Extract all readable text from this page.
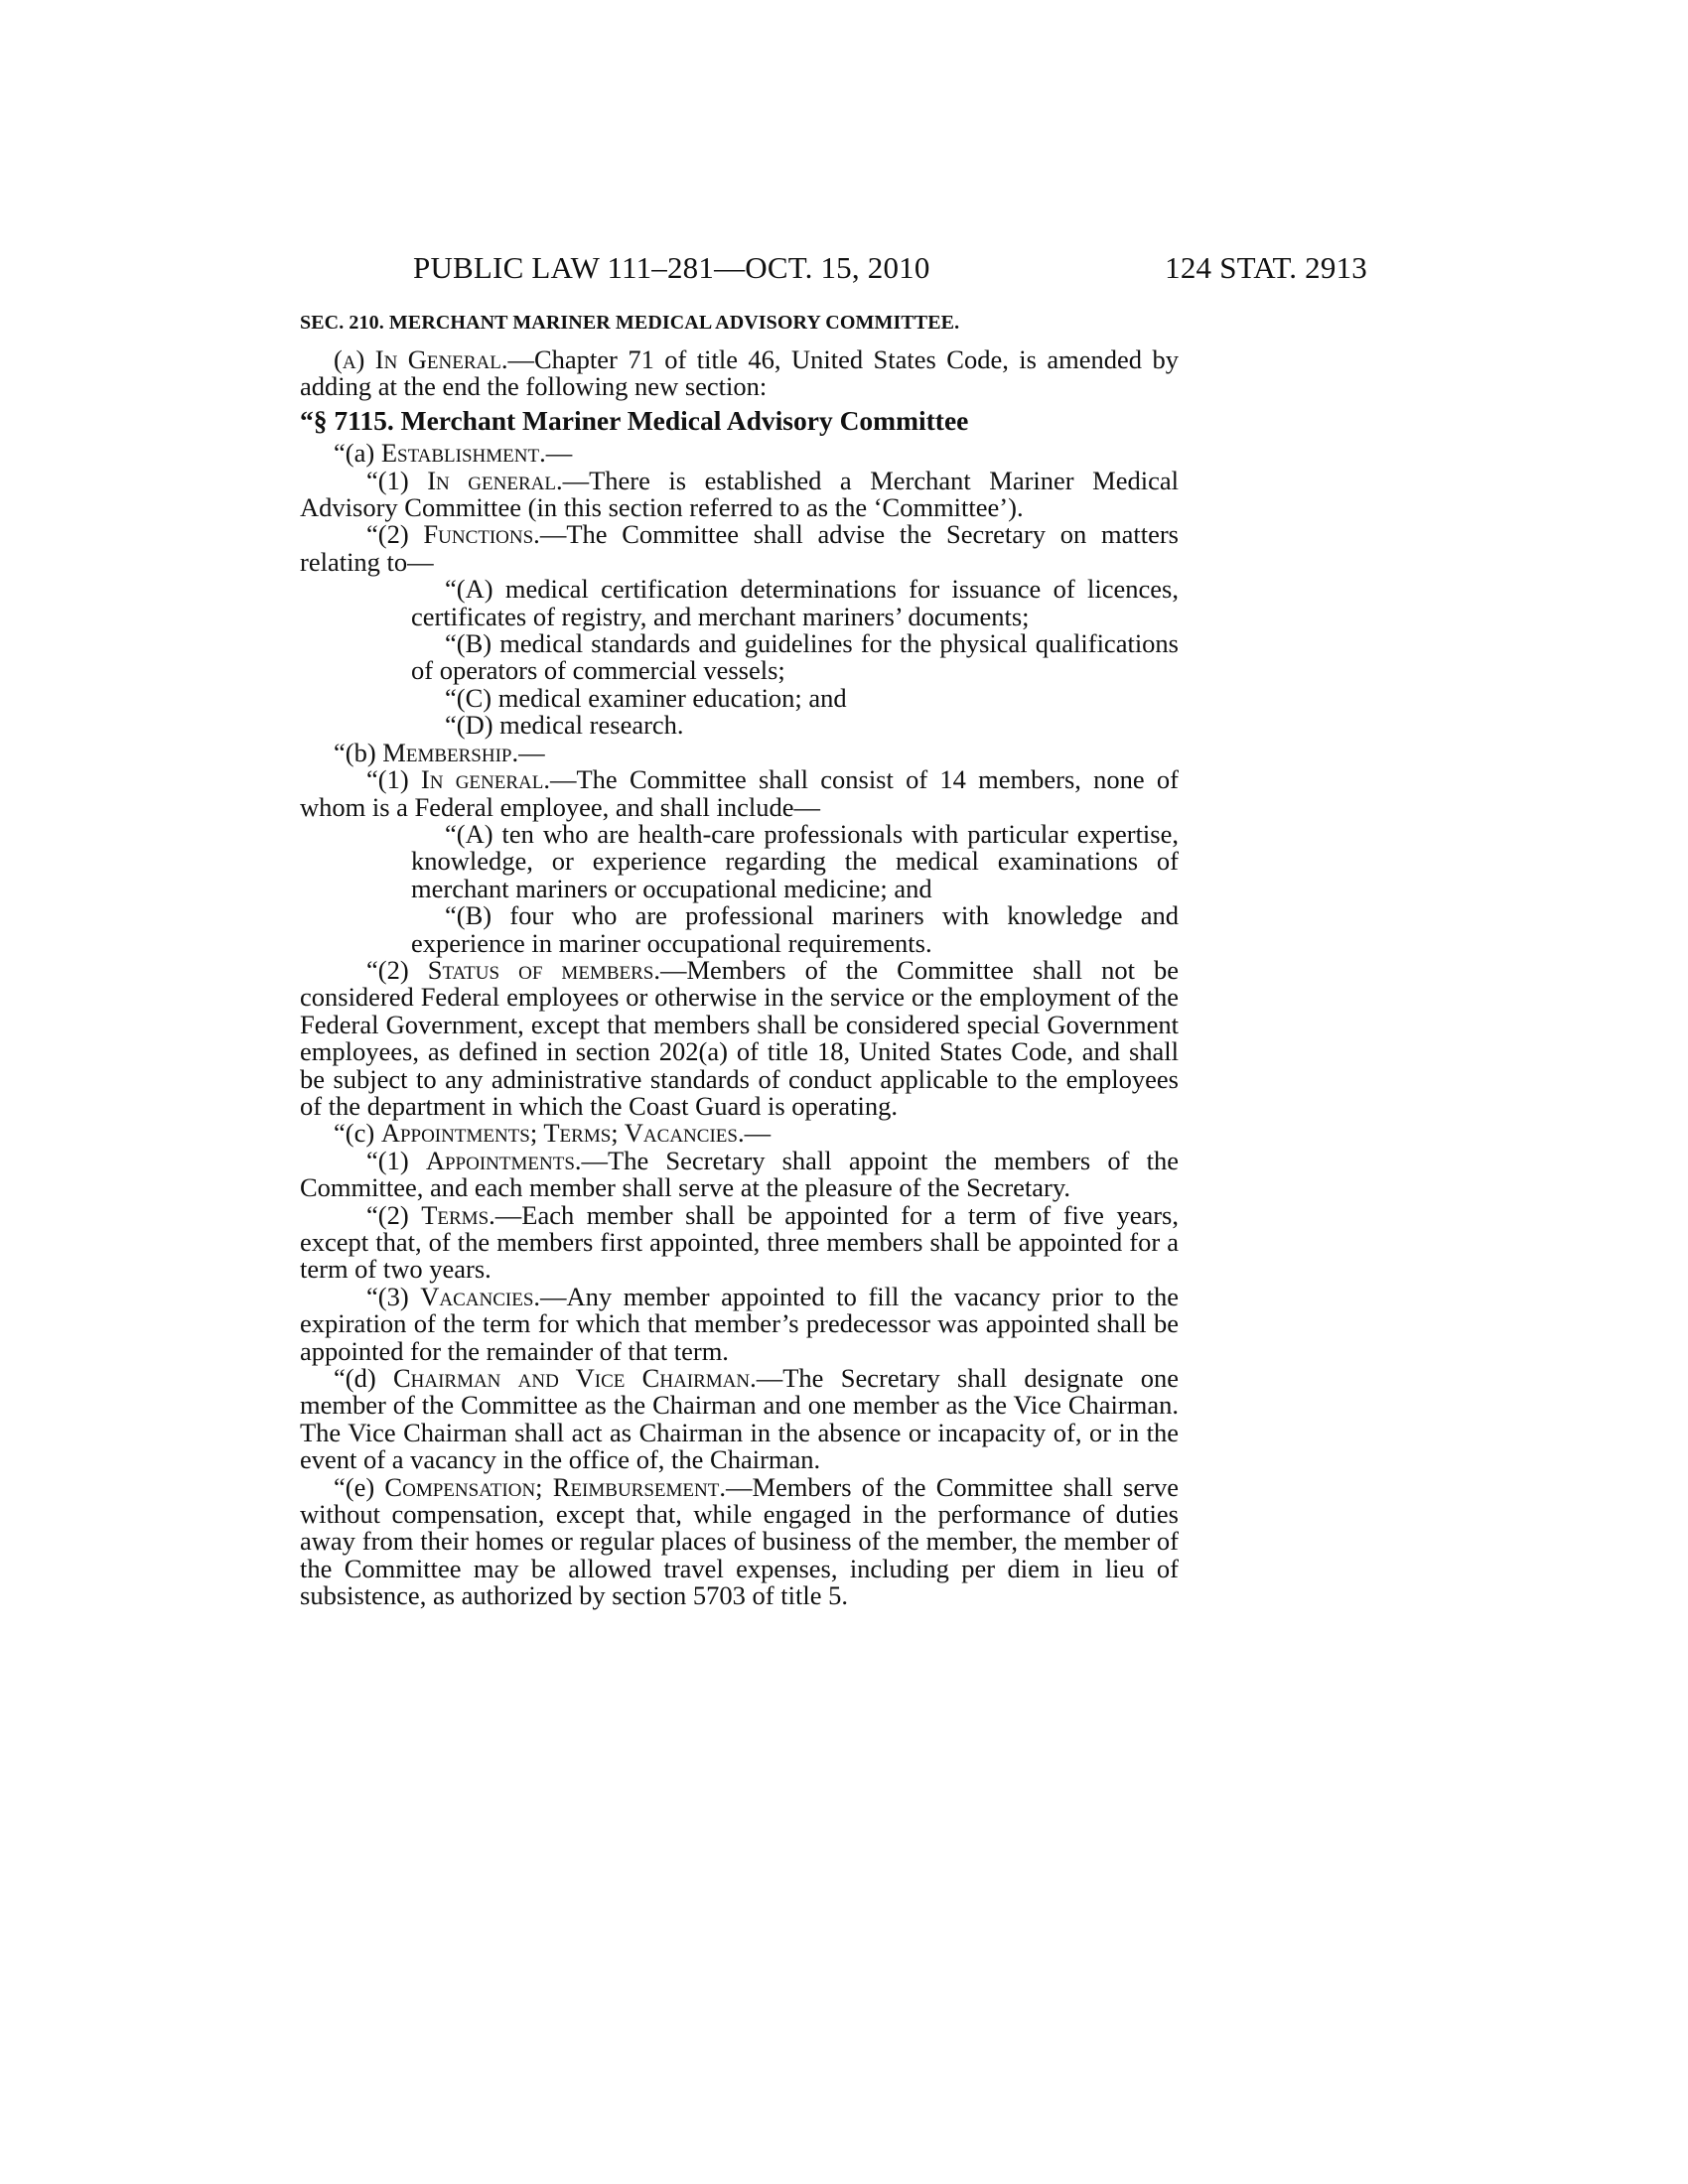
PUBLIC LAW 111–281—OCT. 15, 2010	124 STAT. 2913
SEC. 210. MERCHANT MARINER MEDICAL ADVISORY COMMITTEE.

(a) In General.—Chapter 71 of title 46, United States Code, is amended by adding at the end the following new section:

“§ 7115. Merchant Mariner Medical Advisory Committee

“(a) Establishment.—

“(1) In general.—There is established a Merchant Mariner Medical Advisory Committee (in this section referred to as the ‘Committee’).

“(2) Functions.—The Committee shall advise the Secretary on matters relating to—

“(A) medical certification determinations for issuance of licences, certificates of registry, and merchant mariners’ documents;

“(B) medical standards and guidelines for the physical qualifications of operators of commercial vessels;

“(C) medical examiner education; and

“(D) medical research.

“(b) Membership.—

“(1) In general.—The Committee shall consist of 14 members, none of whom is a Federal employee, and shall include—

“(A) ten who are health-care professionals with particular expertise, knowledge, or experience regarding the medical examinations of merchant mariners or occupational medicine; and

“(B) four who are professional mariners with knowledge and experience in mariner occupational requirements.

“(2) Status of members.—Members of the Committee shall not be considered Federal employees or otherwise in the service or the employment of the Federal Government, except that members shall be considered special Government employees, as defined in section 202(a) of title 18, United States Code, and shall be subject to any administrative standards of conduct applicable to the employees of the department in which the Coast Guard is operating.

“(c) Appointments; Terms; Vacancies.—

“(1) Appointments.—The Secretary shall appoint the members of the Committee, and each member shall serve at the pleasure of the Secretary.

“(2) Terms.—Each member shall be appointed for a term of five years, except that, of the members first appointed, three members shall be appointed for a term of two years.

“(3) Vacancies.—Any member appointed to fill the vacancy prior to the expiration of the term for which that member’s predecessor was appointed shall be appointed for the remainder of that term.

“(d) Chairman and Vice Chairman.—The Secretary shall designate one member of the Committee as the Chairman and one member as the Vice Chairman. The Vice Chairman shall act as Chairman in the absence or incapacity of, or in the event of a vacancy in the office of, the Chairman.

“(e) Compensation; Reimbursement.—Members of the Committee shall serve without compensation, except that, while engaged in the performance of duties away from their homes or regular places of business of the member, the member of the Committee may be allowed travel expenses, including per diem in lieu of subsistence, as authorized by section 5703 of title 5.
